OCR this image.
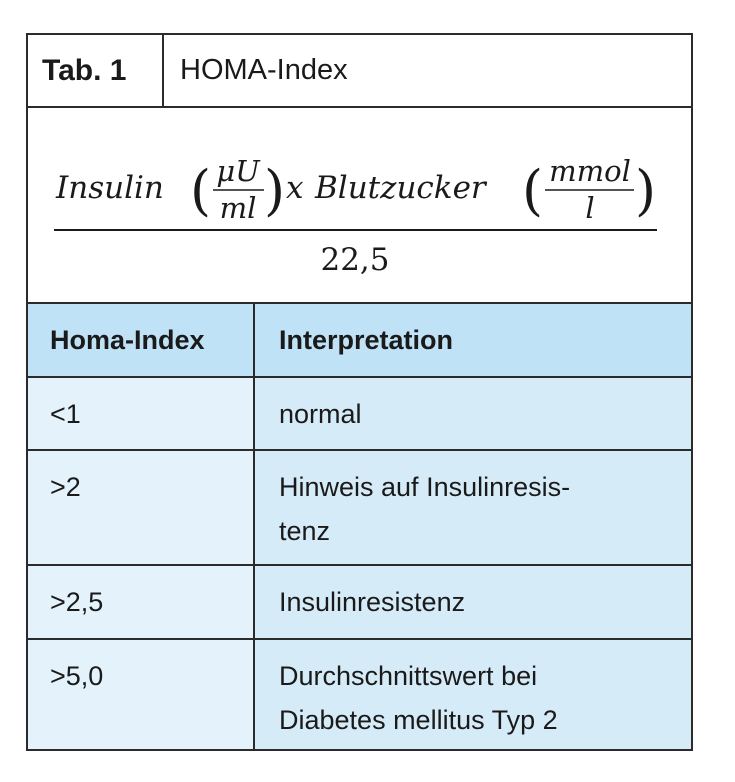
Tab. 1	HOMA-Index
Insulin ( μU
ml ) x Blutzucker ( mmol
l )
22,5
Homa-Index	Interpretation
<1	normal
>2	Hinweis auf Insulinresis-
tenz
>2,5	Insulinresistenz
>5,0	Durchschnittswert bei
Diabetes mellitus Typ 2
